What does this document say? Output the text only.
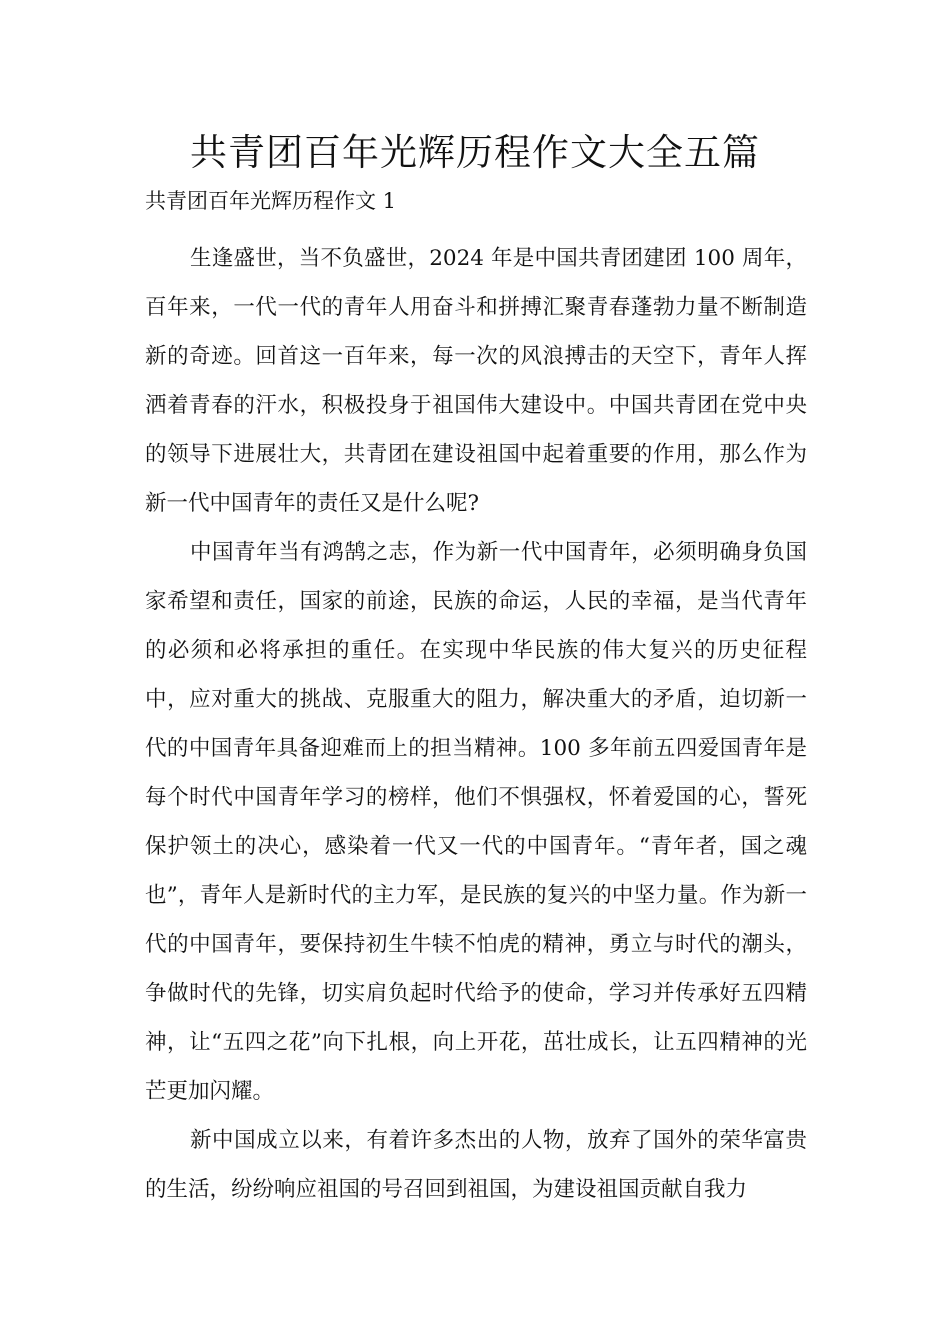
共青团百年光辉历程作文大全五篇
共青团百年光辉历程作文 1

生逢盛世，当不负盛世，2024 年是中国共青团建团 100 周年，百年来，一代一代的青年人用奋斗和拼搏汇聚青春蓬勃力量不断制造新的奇迹。回首这一百年来，每一次的风浪搏击的天空下，青年人挥洒着青春的汗水，积极投身于祖国伟大建设中。中国共青团在党中央的领导下进展壮大，共青团在建设祖国中起着重要的作用，那么作为新一代中国青年的责任又是什么呢?

中国青年当有鸿鹄之志，作为新一代中国青年，必须明确身负国家希望和责任，国家的前途，民族的命运，人民的幸福，是当代青年的必须和必将承担的重任。在实现中华民族的伟大复兴的历史征程中，应对重大的挑战、克服重大的阻力，解决重大的矛盾，迫切新一代的中国青年具备迎难而上的担当精神。100 多年前五四爱国青年是每个时代中国青年学习的榜样，他们不惧强权，怀着爱国的心，誓死保护领土的决心，感染着一代又一代的中国青年。“青年者，国之魂也”，青年人是新时代的主力军，是民族的复兴的中坚力量。作为新一代的中国青年，要保持初生牛犊不怕虎的精神，勇立与时代的潮头，争做时代的先锋，切实肩负起时代给予的使命，学习并传承好五四精神，让“五四之花”向下扎根，向上开花，茁壮成长，让五四精神的光芒更加闪耀。

新中国成立以来，有着许多杰出的人物，放弃了国外的荣华富贵的生活，纷纷响应祖国的号召回到祖国，为建设祖国贡献自我力
